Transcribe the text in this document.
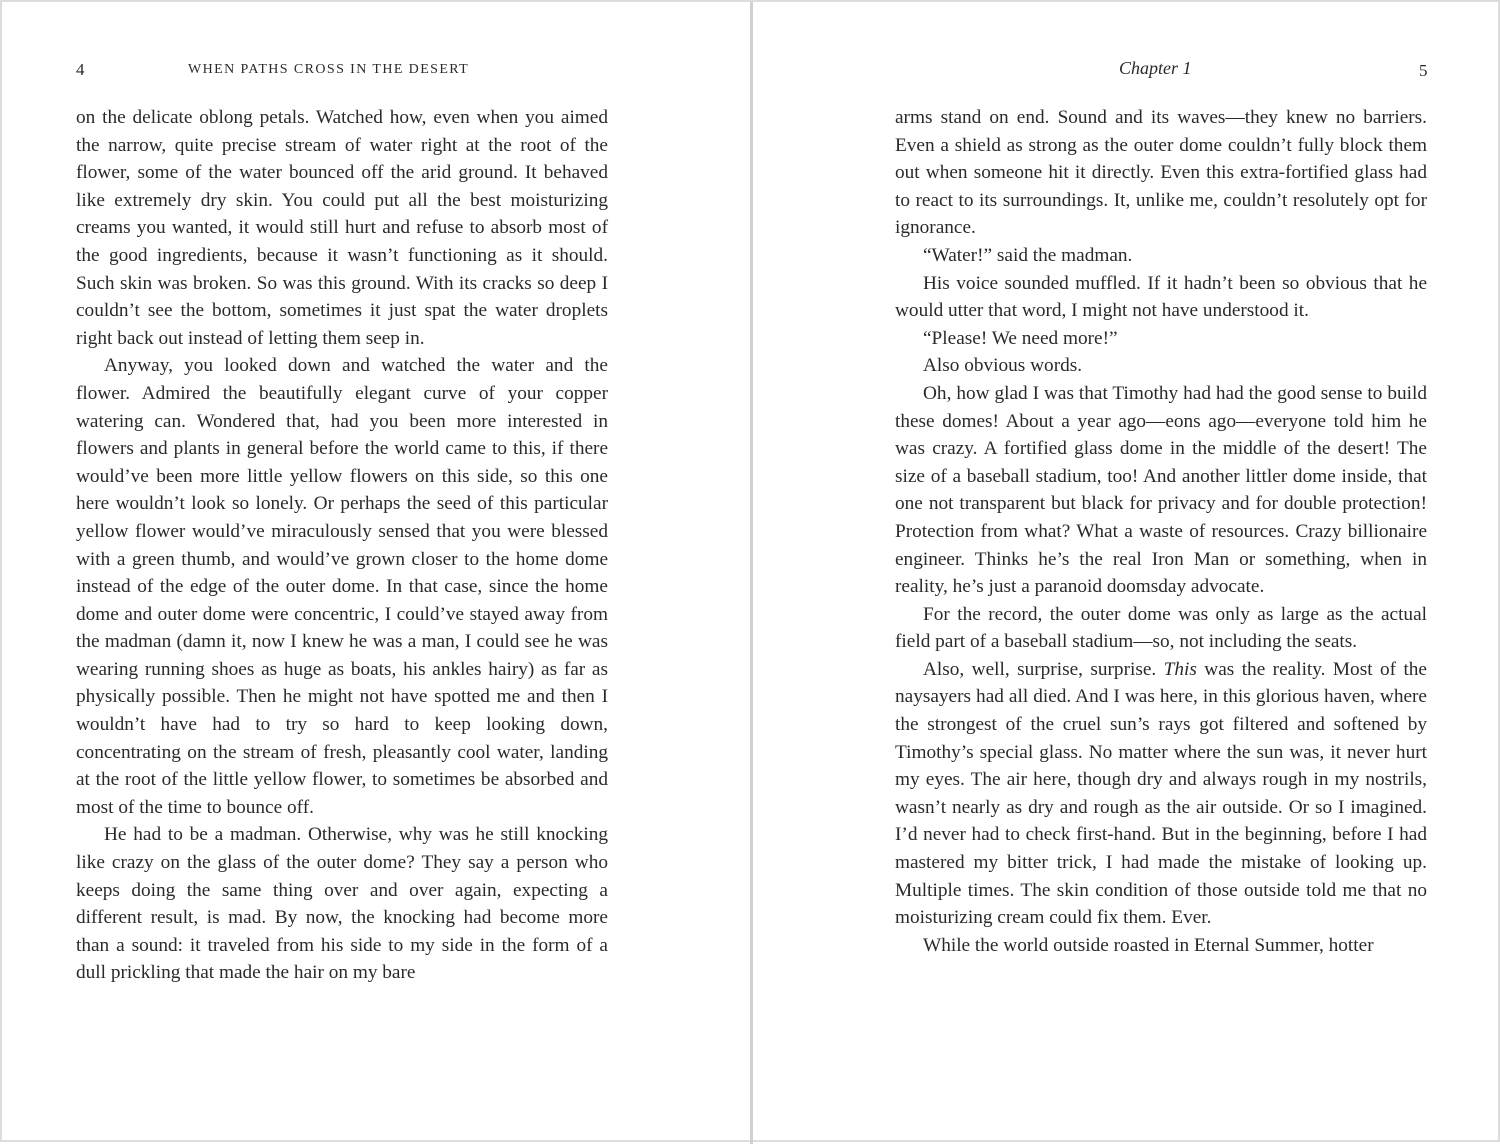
4	WHEN PATHS CROSS IN THE DESERT

on the delicate oblong petals. Watched how, even when you aimed the narrow, quite precise stream of water right at the root of the flower, some of the water bounced off the arid ground. It behaved like extremely dry skin. You could put all the best moisturizing creams you wanted, it would still hurt and refuse to absorb most of the good ingredients, because it wasn’t functioning as it should. Such skin was broken. So was this ground. With its cracks so deep I couldn’t see the bottom, sometimes it just spat the water droplets right back out instead of letting them seep in.

Anyway, you looked down and watched the water and the flower. Admired the beautifully elegant curve of your copper watering can. Wondered that, had you been more interested in flowers and plants in general before the world came to this, if there would’ve been more little yellow flowers on this side, so this one here wouldn’t look so lonely. Or perhaps the seed of this particular yellow flower would’ve miraculously sensed that you were blessed with a green thumb, and would’ve grown closer to the home dome instead of the edge of the outer dome. In that case, since the home dome and outer dome were concentric, I could’ve stayed away from the madman (damn it, now I knew he was a man, I could see he was wearing running shoes as huge as boats, his ankles hairy) as far as physically possible. Then he might not have spotted me and then I wouldn’t have had to try so hard to keep looking down, concentrating on the stream of fresh, pleasantly cool water, landing at the root of the little yellow flower, to sometimes be absorbed and most of the time to bounce off.

He had to be a madman. Otherwise, why was he still knocking like crazy on the glass of the outer dome? They say a person who keeps doing the same thing over and over again, expecting a different result, is mad. By now, the knocking had become more than a sound: it traveled from his side to my side in the form of a dull prickling that made the hair on my bare

Chapter 1	5

arms stand on end. Sound and its waves—they knew no barriers. Even a shield as strong as the outer dome couldn’t fully block them out when someone hit it directly. Even this extra-fortified glass had to react to its surroundings. It, unlike me, couldn’t resolutely opt for ignorance.

“Water!” said the madman.

His voice sounded muffled. If it hadn’t been so obvious that he would utter that word, I might not have understood it.

“Please! We need more!”

Also obvious words.

Oh, how glad I was that Timothy had had the good sense to build these domes! About a year ago—eons ago—everyone told him he was crazy. A fortified glass dome in the middle of the desert! The size of a baseball stadium, too! And another littler dome inside, that one not transparent but black for privacy and for double protection! Protection from what? What a waste of resources. Crazy billionaire engineer. Thinks he’s the real Iron Man or something, when in reality, he’s just a paranoid doomsday advocate.

For the record, the outer dome was only as large as the actual field part of a baseball stadium—so, not including the seats.

Also, well, surprise, surprise. This was the reality. Most of the naysayers had all died. And I was here, in this glorious haven, where the strongest of the cruel sun’s rays got filtered and softened by Timothy’s special glass. No matter where the sun was, it never hurt my eyes. The air here, though dry and always rough in my nostrils, wasn’t nearly as dry and rough as the air outside. Or so I imagined. I’d never had to check first-hand. But in the beginning, before I had mastered my bitter trick, I had made the mistake of looking up. Multiple times. The skin condition of those outside told me that no moisturizing cream could fix them. Ever.

While the world outside roasted in Eternal Summer, hotter
